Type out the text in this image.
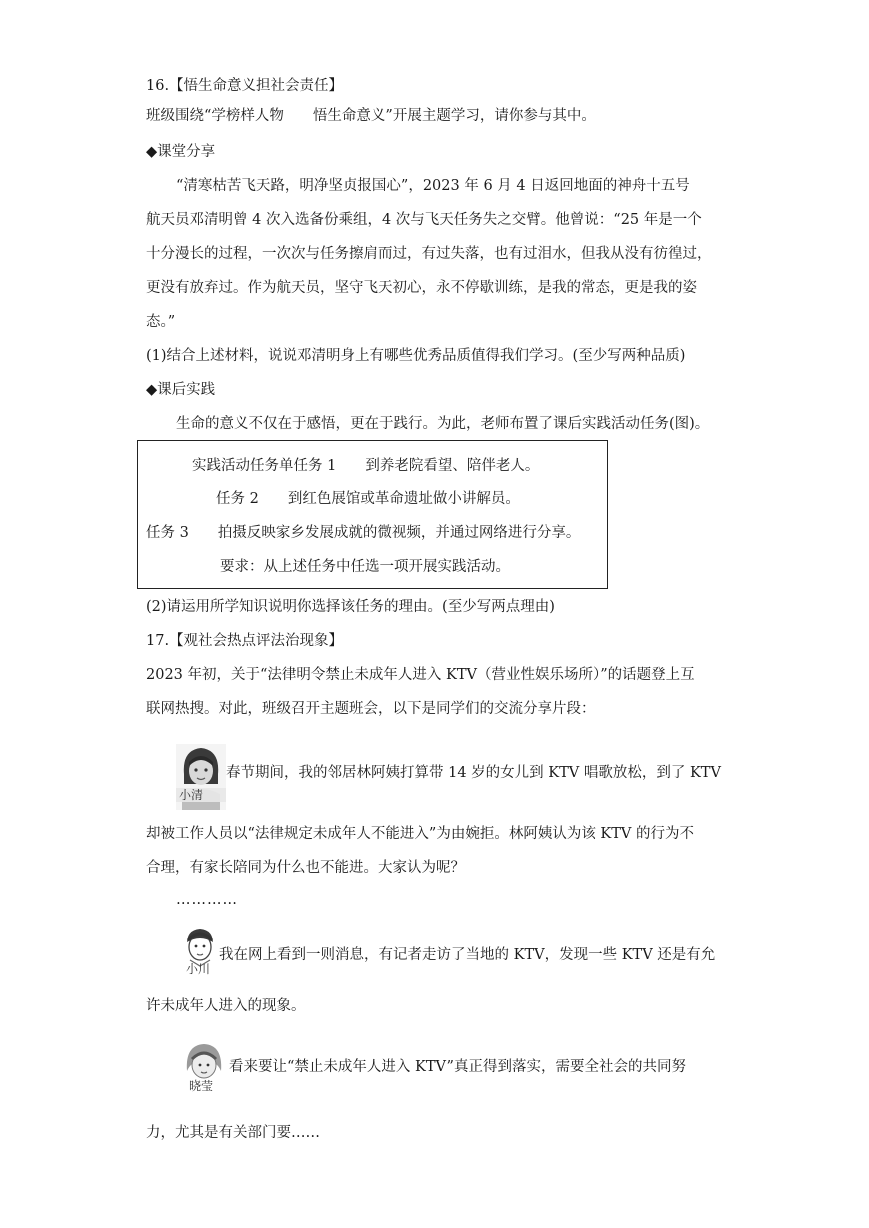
16.【悟生命意义担社会责任】
班级围绕“学榜样人物　　悟生命意义”开展主题学习，请你参与其中。
◆课堂分享
“清寒枯苦飞天路，明净坚贞报国心”，2023 年 6 月 4 日返回地面的神舟十五号
航天员邓清明曾 4 次入选备份乘组，4 次与飞天任务失之交臂。他曾说：“25 年是一个
十分漫长的过程，一次次与任务擦肩而过，有过失落，也有过泪水，但我从没有彷徨过，
更没有放弃过。作为航天员，坚守飞天初心，永不停歇训练，是我的常态，更是我的姿
态。”
(1)结合上述材料，说说邓清明身上有哪些优秀品质值得我们学习。(至少写两种品质)
◆课后实践
生命的意义不仅在于感悟，更在于践行。为此，老师布置了课后实践活动任务(图)。
实践活动任务单任务 1　　到养老院看望、陪伴老人。
任务 2　　到红色展馆或革命遗址做小讲解员。
任务 3　　拍摄反映家乡发展成就的微视频，并通过网络进行分享。
要求：从上述任务中任选一项开展实践活动。
(2)请运用所学知识说明你选择该任务的理由。(至少写两点理由)
17.【观社会热点评法治现象】
2023 年初，关于“法律明令禁止未成年人进入 KTV（营业性娱乐场所）”的话题登上互
联网热搜。对此，班级召开主题班会，以下是同学们的交流分享片段：
小清
春节期间，我的邻居林阿姨打算带 14 岁的女儿到 KTV 唱歌放松，到了 KTV
却被工作人员以“法律规定未成年人不能进入”为由婉拒。林阿姨认为该 KTV 的行为不
合理，有家长陪同为什么也不能进。大家认为呢？
…………
小川
我在网上看到一则消息，有记者走访了当地的 KTV，发现一些 KTV 还是有允
许未成年人进入的现象。
晓莹
看来要让“禁止未成年人进入 KTV”真正得到落实，需要全社会的共同努
力，尤其是有关部门要……
